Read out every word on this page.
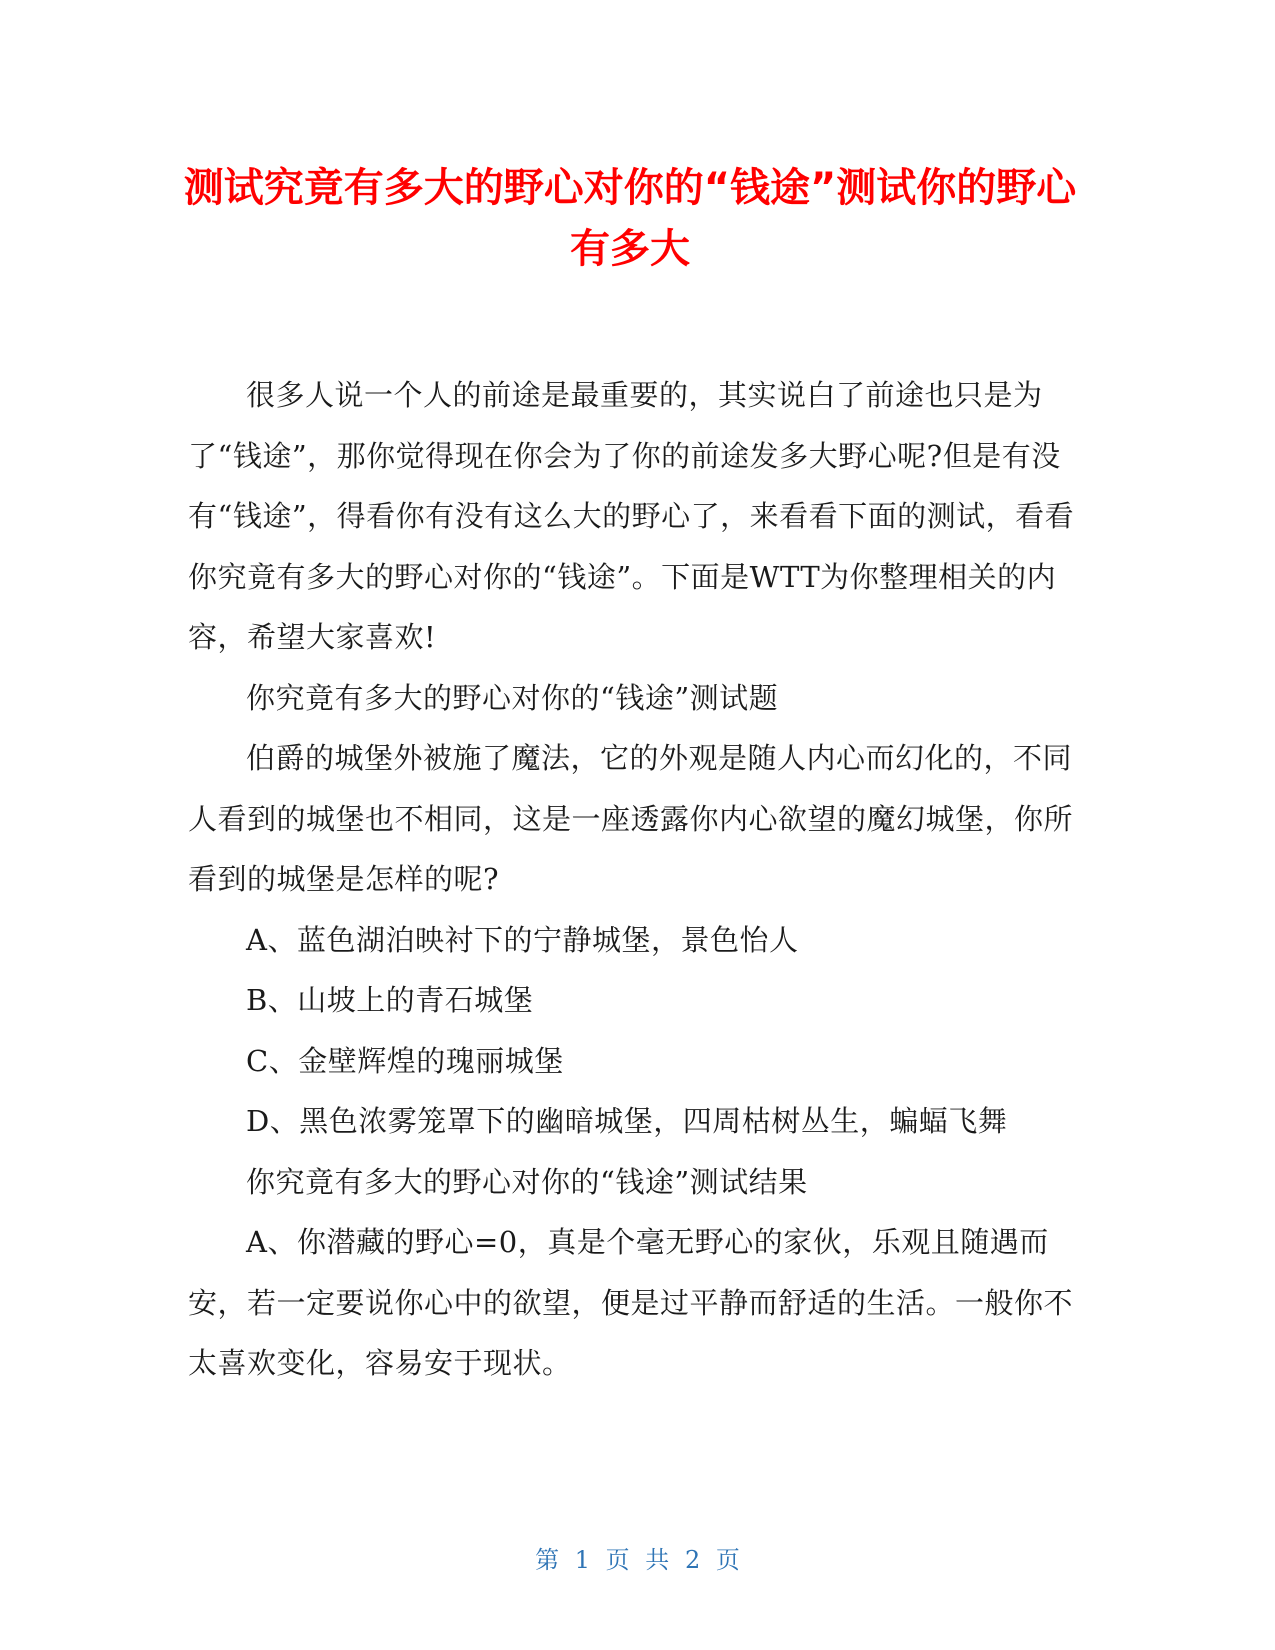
测试究竟有多大的野心对你的“钱途”测试你的野心有多大

很多人说一个人的前途是最重要的，其实说白了前途也只是为了“钱途”，那你觉得现在你会为了你的前途发多大野心呢?但是有没有“钱途”，得看你有没有这么大的野心了，来看看下面的测试，看看你究竟有多大的野心对你的“钱途”。下面是WTT为你整理相关的内容，希望大家喜欢!

你究竟有多大的野心对你的“钱途”测试题

伯爵的城堡外被施了魔法，它的外观是随人内心而幻化的，不同人看到的城堡也不相同，这是一座透露你内心欲望的魔幻城堡，你所看到的城堡是怎样的呢?

A、蓝色湖泊映衬下的宁静城堡，景色怡人

B、山坡上的青石城堡

C、金壁辉煌的瑰丽城堡

D、黑色浓雾笼罩下的幽暗城堡，四周枯树丛生，蝙蝠飞舞

你究竟有多大的野心对你的“钱途”测试结果

A、你潜藏的野心=0，真是个毫无野心的家伙，乐观且随遇而安，若一定要说你心中的欲望，便是过平静而舒适的生活。一般你不太喜欢变化，容易安于现状。

第 1 页 共 2 页
